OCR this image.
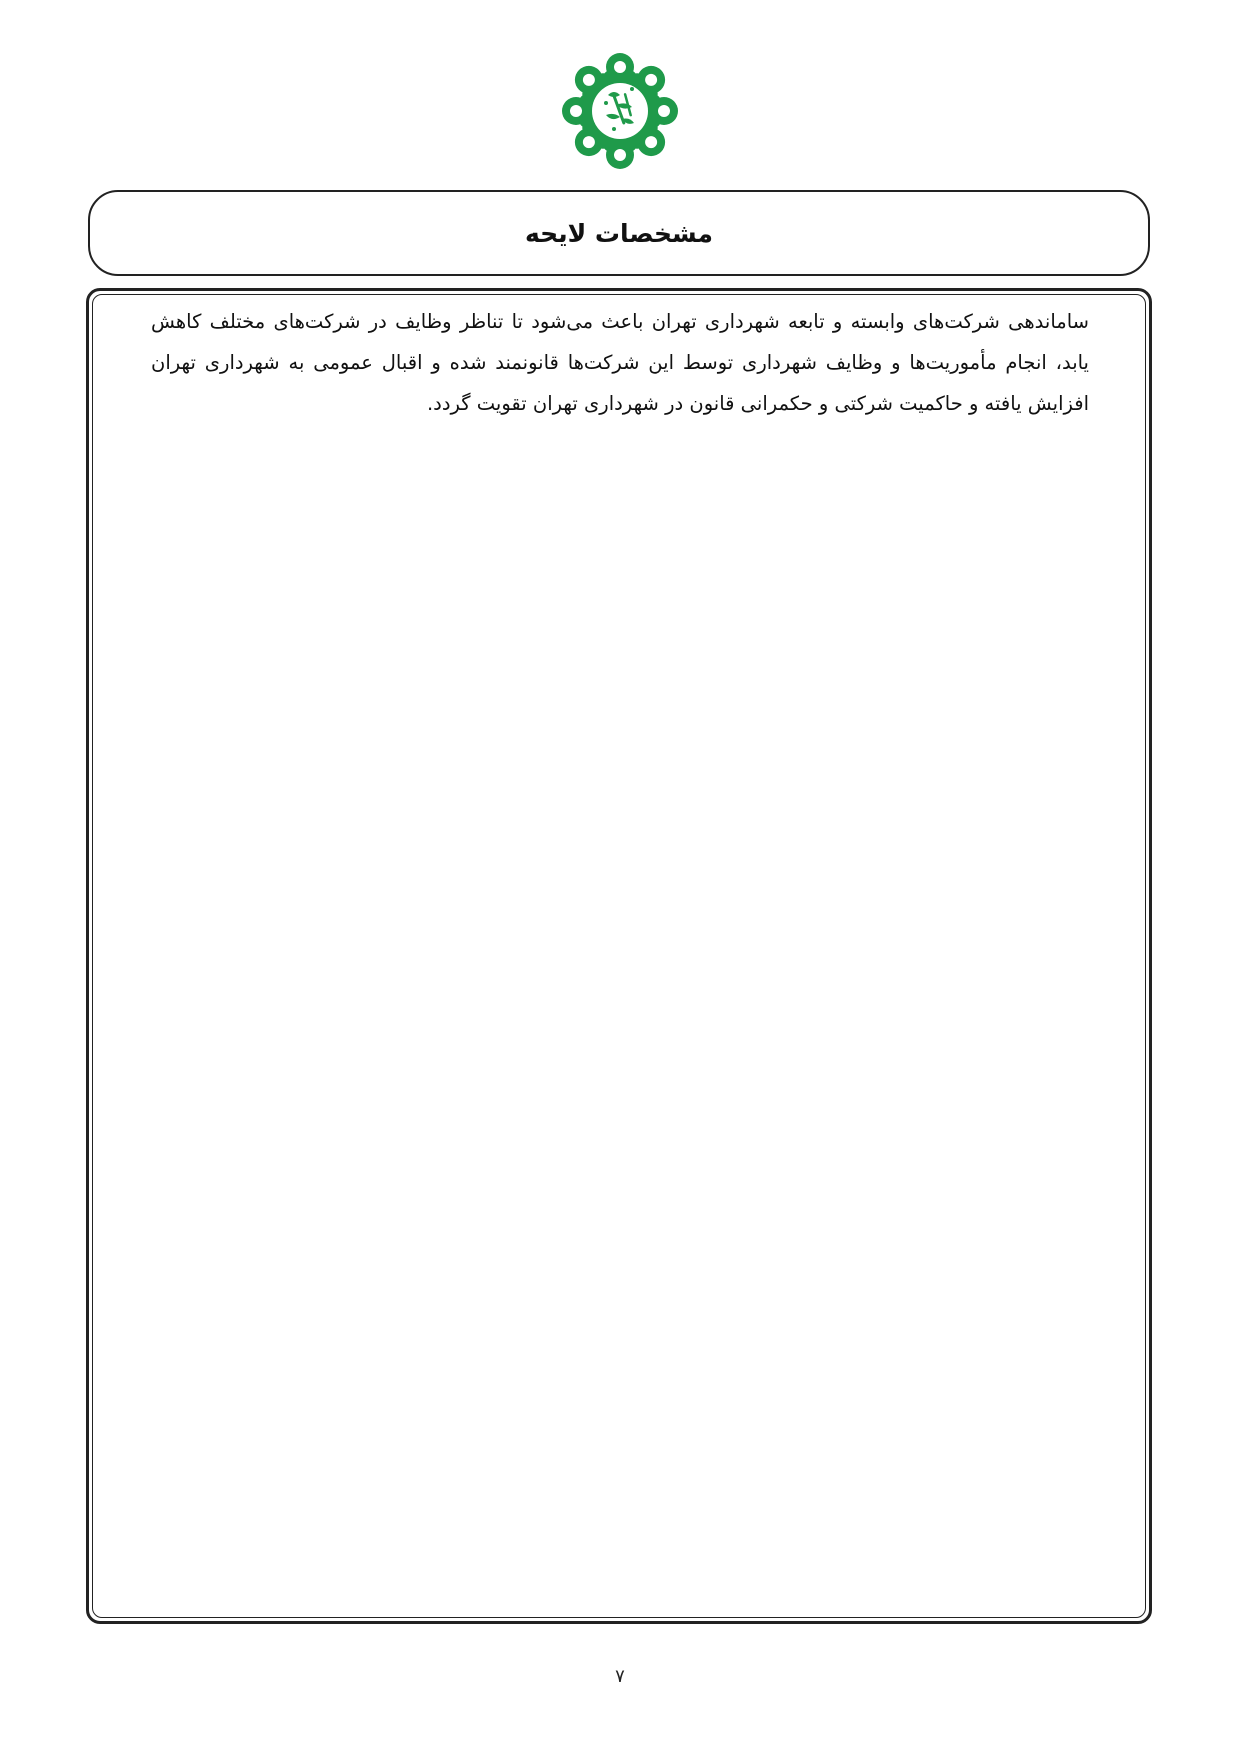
مشخصات لایحه

ساماندهی شرکت‌های وابسته و تابعه شهرداری تهران باعث می‌شود تا تناظر وظایف در شرکت‌های مختلف کاهش یابد، انجام مأموریت‌ها و وظایف شهرداری توسط این شرکت‌ها قانونمند شده و اقبال عمومی به شهرداری تهران افزایش یافته و حاکمیت شرکتی و حکمرانی قانون در شهرداری تهران تقویت گردد.

۷
